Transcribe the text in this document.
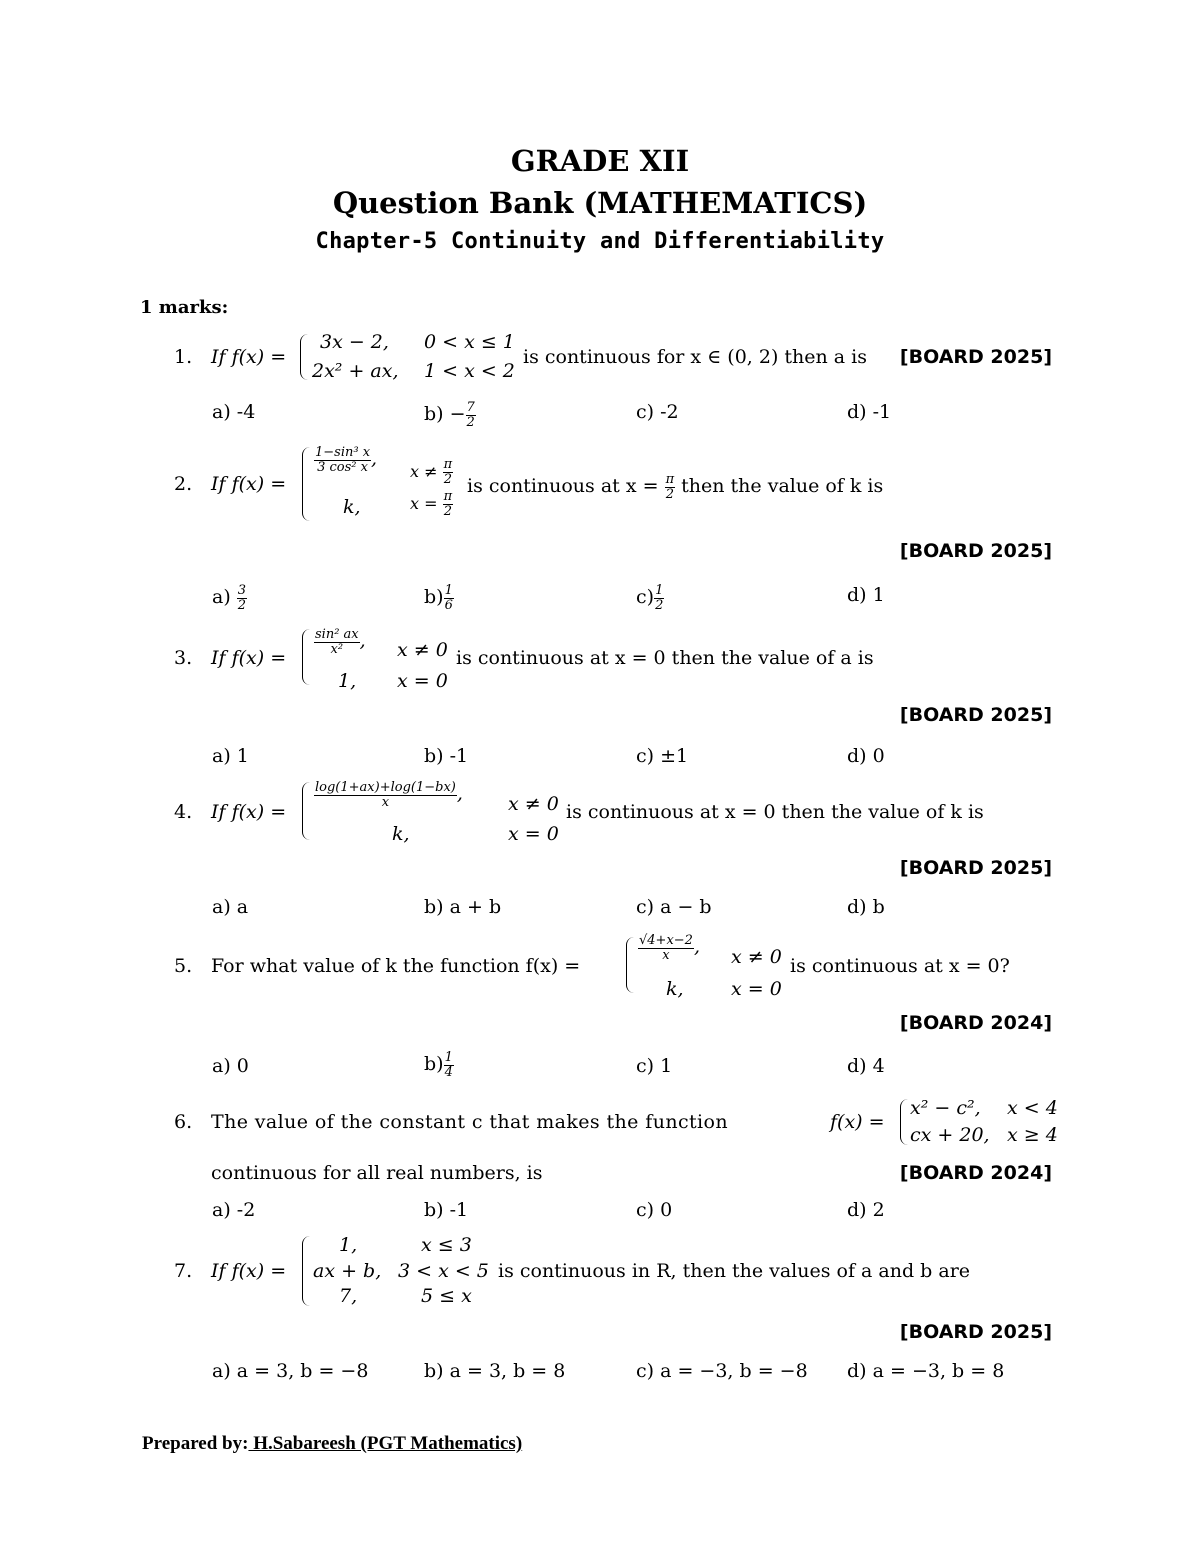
GRADE XII
Question Bank (MATHEMATICS)
Chapter-5 Continuity and Differentiability
1 marks:
1. If f(x) =
3x − 2, 0 < x ≤ 1
2x² + ax, 1 < x < 2
is continuous for x ∈ (0, 2) then a is [BOARD 2025]
a) -4	$b) - \frac{7}{2}$	c) -2	d) -1
2. If f(x) =
$\frac{\text{1−sin³ x}}{\text{3 cos² x}}$ ,
$x \ne \frac{\pi}{2}$
k,	$x = \frac{\pi}{2}$
is continuous at $x = \frac{\pi}{2}$ then the value of k is
[BOARD 2025]
$a) \frac{3}{2}$	$b) \frac{1}{6}$	$c) \frac{1}{2}$	d) 1
3. If f(x) =
$\frac{\text{sin² ax}}{\text{x²}}$ , x ≠ 0
1, x = 0
is continuous at x = 0 then the value of a is
[BOARD 2025]
a) 1	b) -1	c) ±1	d) 0
4. If f(x) =
$\frac{\log(1+ax)+\log(1-bx)}{x}$ , x ≠ 0
k,	x = 0
is continuous at x = 0 then the value of k is
[BOARD 2025]
a) a	b) a + b	c) a − b	d) b
5. For what value of k the function f(x) =
$\frac{√4+x-2}{x}$ , x ≠ 0
k, x = 0
is continuous at x = 0?
[BOARD 2024]
a) 0	$b) \frac{1}{4}$	c) 1	d) 4
6. The value of the constant c that makes the function	f(x) =
x² − c², x < 4
cx + 20, x ≥ 4
continuous for all real numbers, is	[BOARD 2024]
a) -2	b) -1	c) 0	d) 2
7. If f(x) =
1,	x ≤ 3
ax + b, 3 < x < 5
7,	5 ≤ x
is continuous in R, then the values of a and b are
[BOARD 2025]
a) a = 3, b = −8	b) a = 3, b = 8	c) a = −3, b = −8 d) a = −3, b = 8
Prepared by: H.Sabareesh (PGT Mathematics)
